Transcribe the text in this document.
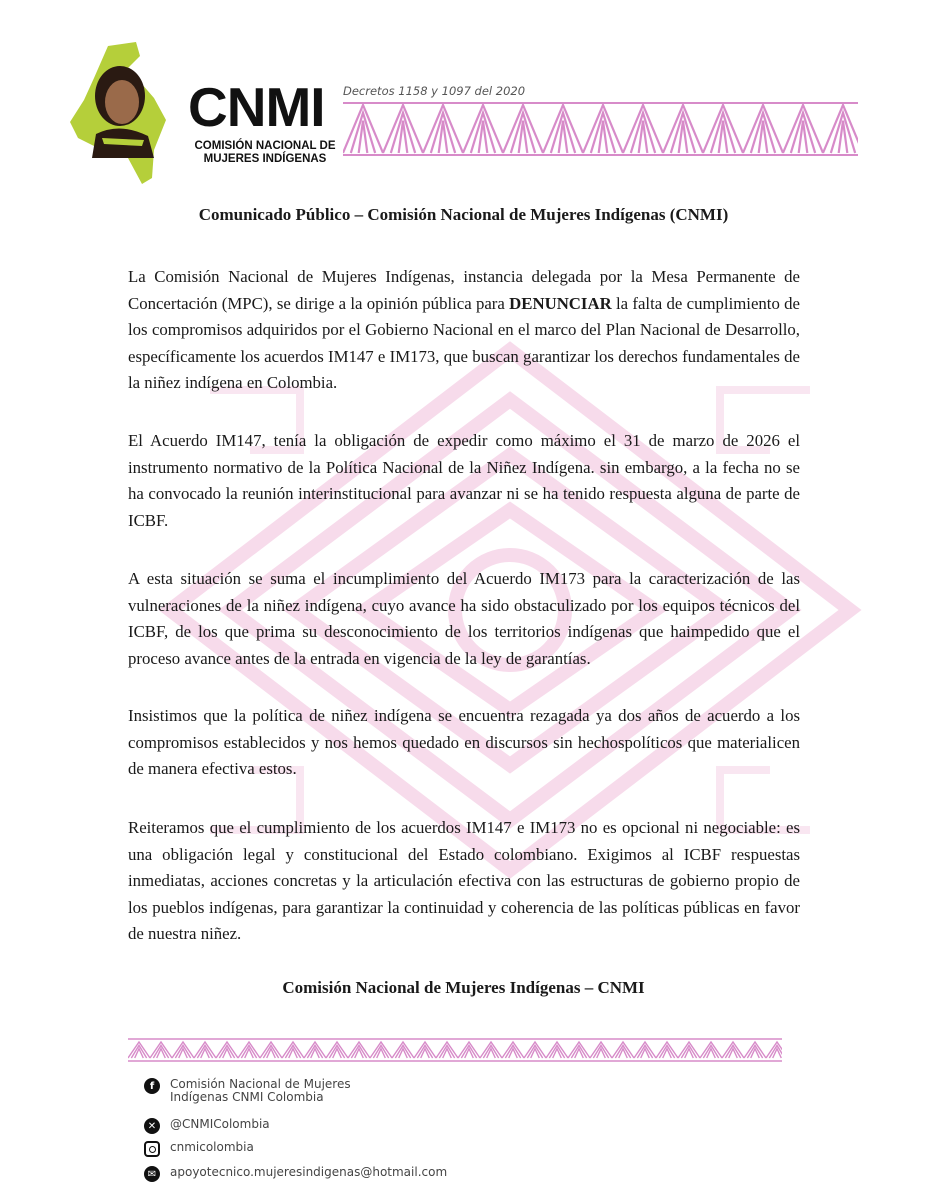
CNMI
COMISIÓN NACIONAL DE
MUJERES INDÍGENAS
Decretos 1158 y 1097 del 2020
Comunicado Público – Comisión Nacional de Mujeres Indígenas (CNMI)
La Comisión Nacional de Mujeres Indígenas, instancia delegada por la Mesa Permanente de Concertación (MPC), se dirige a la opinión pública para DENUNCIAR la falta de cumplimiento de los compromisos adquiridos por el Gobierno Nacional en el marco del Plan Nacional de Desarrollo, específicamente los acuerdos IM147 e IM173, que buscan garantizar los derechos fundamentales de la niñez indígena en Colombia.
El Acuerdo IM147, tenía la obligación de expedir como máximo el 31 de marzo de 2026 el instrumento normativo de la Política Nacional de la Niñez Indígena. sin embargo, a la fecha no se ha convocado la reunión interinstitucional para avanzar ni se ha tenido respuesta alguna de parte de ICBF.
A esta situación se suma el incumplimiento del Acuerdo IM173 para la caracterización de las vulneraciones de la niñez indígena, cuyo avance ha sido obstaculizado por los equipos técnicos del ICBF, de los que prima su desconocimiento de los territorios indígenas que haimpedido que el proceso avance antes de la entrada en vigencia de la ley de garantías.
Insistimos que la política de niñez indígena se encuentra rezagada ya dos años de acuerdo a los compromisos establecidos y nos hemos quedado en discursos sin hechospolíticos que materialicen de manera efectiva estos.
Reiteramos que el cumplimiento de los acuerdos IM147 e IM173 no es opcional ni negociable: es una obligación legal y constitucional del Estado colombiano. Exigimos al ICBF respuestas inmediatas, acciones concretas y la articulación efectiva con las estructuras de gobierno propio de los pueblos indígenas, para garantizar la continuidad y coherencia de las políticas públicas en favor de nuestra niñez.
Comisión Nacional de Mujeres Indígenas – CNMI
f	Comisión Nacional de Mujeres
Indígenas CNMI Colombia
✕	@CNMIColombia
cnmicolombia
✉	apoyotecnico.mujeresindigenas@hotmail.com
